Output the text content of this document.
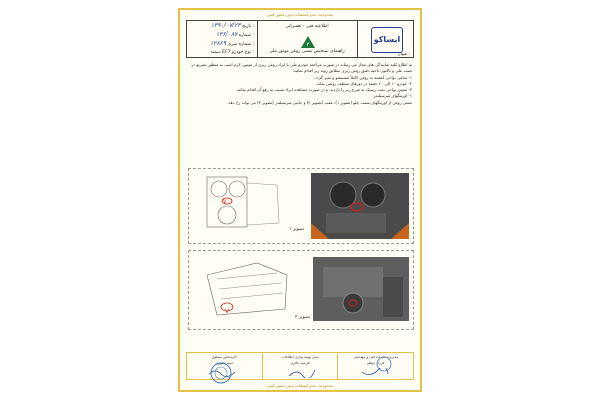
محدودیت عدم استفاده بدون مجوز کتبی
۱۳۹۰/۰۷/۲۳ تاریخ :
۱۳۶/۰۸۷ شماره :
۱۲۸۶۹ شماره سری :
سمند EF7 نوع خودرو :
اطلاعیه فنی - تعمیراتی
٣
راهنمای تشخیص نشتی روغن موتور ملی
ایساکو
عنوان :
به اطلاع کلیه نمایندگی های مجاز می رساند در صورت مراجعه خودرو ملی با ایراد روغن ریزی از موتور، لازم است به منظور تسریع در نصب علی و تاکنون ناحیه دقیق روغن ریزی مطابق رویه زیر اقدام نمائید:
۱- تمامی نواحی آغشته به روغن کاملاً شستشو و تمیز گردد.
۲- خودرو ۱۰ الی ۲۰ دقیقه در دورهای مختلف روشن بماند.
۳- سپس نواحی تحت ریسک به شرح زیر را بازدید، و در صورت مشاهده ایراد نسبت به رفع آن اقدام نمائید.
۱- اورینگهای سرسیلندر
نشتی روغن از اورینگهای سمت چلو (تصویر ۱)، عقب (تصویر ۲) و جانبی سرسیلندر (تصویر ۳) می تواند رخ دهد.
V
تصویر ۱
V
تصویر ۲
کارشناس مسئول
حمید غفوری
مدیر بهینه سازی اطلاعات
فرشید باقری
مدیریت خدمات فنی و مهندسی
فرزاد دوهلو
محدودیت عدم استفاده بدون مجوز کتبی
